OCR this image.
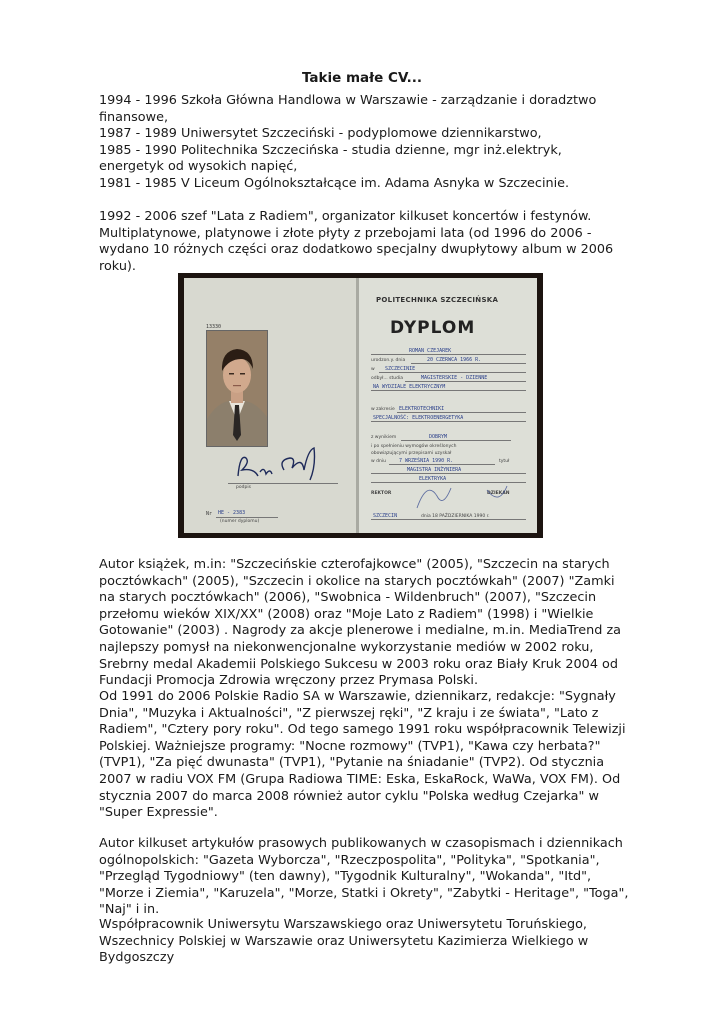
Takie małe CV...

1994 - 1996 Szkoła Główna Handlowa w Warszawie - zarządzanie i doradztwo finansowe,

1987 - 1989 Uniwersytet Szczeciński - podyplomowe dziennikarstwo,

1985 - 1990 Politechnika Szczecińska - studia dzienne, mgr inż.elektryk, energetyk od wysokich napięć,

1981 - 1985 V Liceum Ogólnokształcące im. Adama Asnyka w Szczecinie.

1992 - 2006 szef "Lata z Radiem", organizator kilkuset koncertów i festynów. Multiplatynowe, platynowe i złote płyty z przebojami lata (od 1996 do 2006 - wydano 10 różnych części oraz dodatkowo specjalny dwupłytowy album w 2006 roku).

13330
podpis
Nr HE - 2383
(numer dyplomu)
POLITECHNIKA SZCZECIŃSKA
DYPLOM
ROMAN CZEJAREK
urodzon.y. dnia	20 CZERWCA 1966 R.
w SZCZECINIE
odbył... studia	MAGISTERSKIE - DZIENNE
NA WYDZIALE ELEKTRYCZNYM
w zakresie ELEKTROTECHNIKI
SPECJALNOŚĆ: ELEKTROENERGETYKA
z wynikiem	DOBRYM
i po spełnieniu wymogów określonych
obowiązującymi przepisami uzyskał
w dniu	7 WRZEŚNIA 1990 R.	tytuł
MAGISTRA INŻYNIERA
ELEKTRYKA
REKTOR	DZIEKAN
SZCZECIN	dnia 18 PAŹDZIERNIKA 1990 r.

Autor książek, m.in: "Szczecińskie czterofajkowce" (2005), "Szczecin na starych pocztówkach" (2005), "Szczecin i okolice na starych pocztówkah" (2007) "Zamki na starych pocztówkach" (2006), "Swobnica - Wildenbruch" (2007), "Szczecin przełomu wieków XIX/XX" (2008) oraz "Moje Lato z Radiem" (1998) i "Wielkie Gotowanie" (2003) . Nagrody za akcje plenerowe i medialne, m.in. MediaTrend za najlepszy pomysł na niekonwencjonalne wykorzystanie mediów w 2002 roku, Srebrny medal Akademii Polskiego Sukcesu w 2003 roku oraz Biały Kruk 2004 od Fundacji Promocja Zdrowia wręczony przez Prymasa Polski.

Od 1991 do 2006 Polskie Radio SA w Warszawie, dziennikarz, redakcje: "Sygnały Dnia", "Muzyka i Aktualności", "Z pierwszej ręki", "Z kraju i ze świata", "Lato z Radiem", "Cztery pory roku". Od tego samego 1991 roku współpracownik Telewizji Polskiej. Ważniejsze programy: "Nocne rozmowy" (TVP1), "Kawa czy herbata?" (TVP1), "Za pięć dwunasta" (TVP1), "Pytanie na śniadanie" (TVP2). Od stycznia 2007 w radiu VOX FM (Grupa Radiowa TIME: Eska, EskaRock, WaWa, VOX FM). Od stycznia 2007 do marca 2008 również autor cyklu "Polska według Czejarka" w "Super Expressie".

Autor kilkuset artykułów prasowych publikowanych w czasopismach i dziennikach ogólnopolskich: "Gazeta Wyborcza", "Rzeczpospolita", "Polityka", "Spotkania", "Przegląd Tygodniowy" (ten dawny), "Tygodnik Kulturalny", "Wokanda", "Itd", "Morze i Ziemia", "Karuzela", "Morze, Statki i Okrety", "Zabytki - Heritage", "Toga", "Naj" i in.

Współpracownik Uniwersytu Warszawskiego oraz Uniwersytetu Toruńskiego, Wszechnicy Polskiej w Warszawie oraz Uniwersytetu Kazimierza Wielkiego w Bydgoszczy
